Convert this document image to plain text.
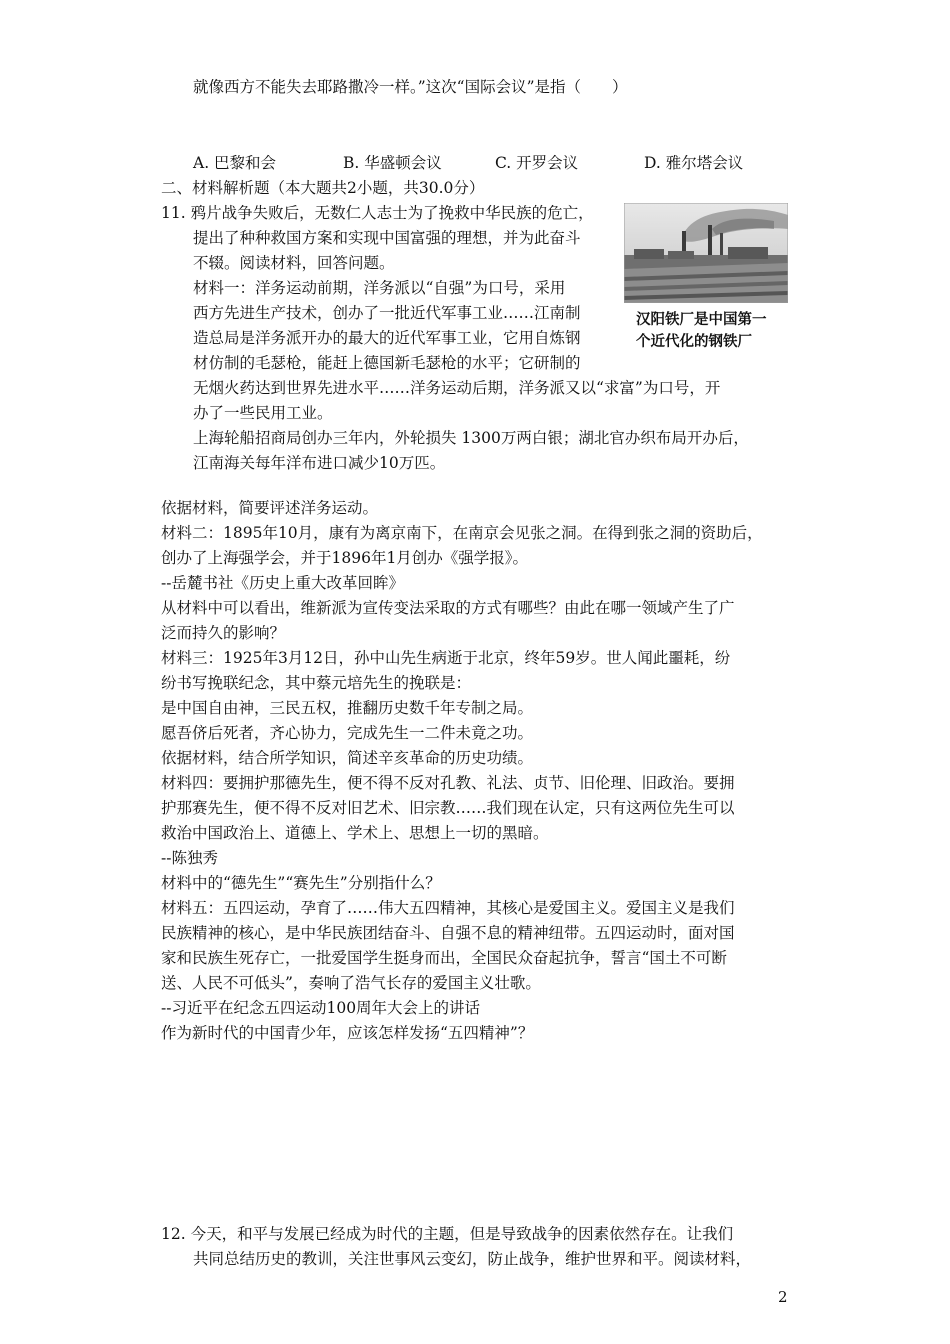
就像西方不能失去耶路撒冷一样。”这次“国际会议”是指（　　）
A. 巴黎和会	B. 华盛顿会议	C. 开罗会议	D. 雅尔塔会议
二、材料解析题（本大题共2小题，共30.0分）
11. 鸦片战争失败后，无数仁人志士为了挽救中华民族的危亡，
提出了种种救国方案和实现中国富强的理想，并为此奋斗
不辍。阅读材料，回答问题。
材料一：洋务运动前期，洋务派以“自强”为口号，采用
西方先进生产技术，创办了一批近代军事工业……江南制
造总局是洋务派开办的最大的近代军事工业，它用自炼钢
材仿制的毛瑟枪，能赶上德国新毛瑟枪的水平；它研制的
无烟火药达到世界先进水平……洋务运动后期，洋务派又以“求富”为口号，开
办了一些民用工业。
上海轮船招商局创办三年内，外轮损失 1300万两白银；湖北官办织布局开办后，
江南海关每年洋布进口减少10万匹。
汉阳铁厂是中国第一
个近代化的钢铁厂
依据材料，简要评述洋务运动。
材料二：1895年10月，康有为离京南下，在南京会见张之洞。在得到张之洞的资助后，
创办了上海强学会，并于1896年1月创办《强学报》。
--岳麓书社《历史上重大改革回眸》
从材料中可以看出，维新派为宣传变法采取的方式有哪些？由此在哪一领域产生了广
泛而持久的影响？
材料三：1925年3月12日，孙中山先生病逝于北京，终年59岁。世人闻此噩耗，纷
纷书写挽联纪念，其中蔡元培先生的挽联是：
是中国自由神，三民五权，推翻历史数千年专制之局。
愿吾侪后死者，齐心协力，完成先生一二件未竟之功。
依据材料，结合所学知识，简述辛亥革命的历史功绩。
材料四：要拥护那德先生，便不得不反对孔教、礼法、贞节、旧伦理、旧政治。要拥
护那赛先生，便不得不反对旧艺术、旧宗教……我们现在认定，只有这两位先生可以
救治中国政治上、道德上、学术上、思想上一切的黑暗。
--陈独秀
材料中的“德先生”“赛先生”分别指什么？
材料五：五四运动，孕育了……伟大五四精神，其核心是爱国主义。爱国主义是我们
民族精神的核心，是中华民族团结奋斗、自强不息的精神纽带。五四运动时，面对国
家和民族生死存亡，一批爱国学生挺身而出，全国民众奋起抗争，誓言“国土不可断
送、人民不可低头”，奏响了浩气长存的爱国主义壮歌。
--习近平在纪念五四运动100周年大会上的讲话
作为新时代的中国青少年，应该怎样发扬“五四精神”？
12. 今天，和平与发展已经成为时代的主题，但是导致战争的因素依然存在。让我们
共同总结历史的教训，关注世事风云变幻，防止战争，维护世界和平。阅读材料，
2
